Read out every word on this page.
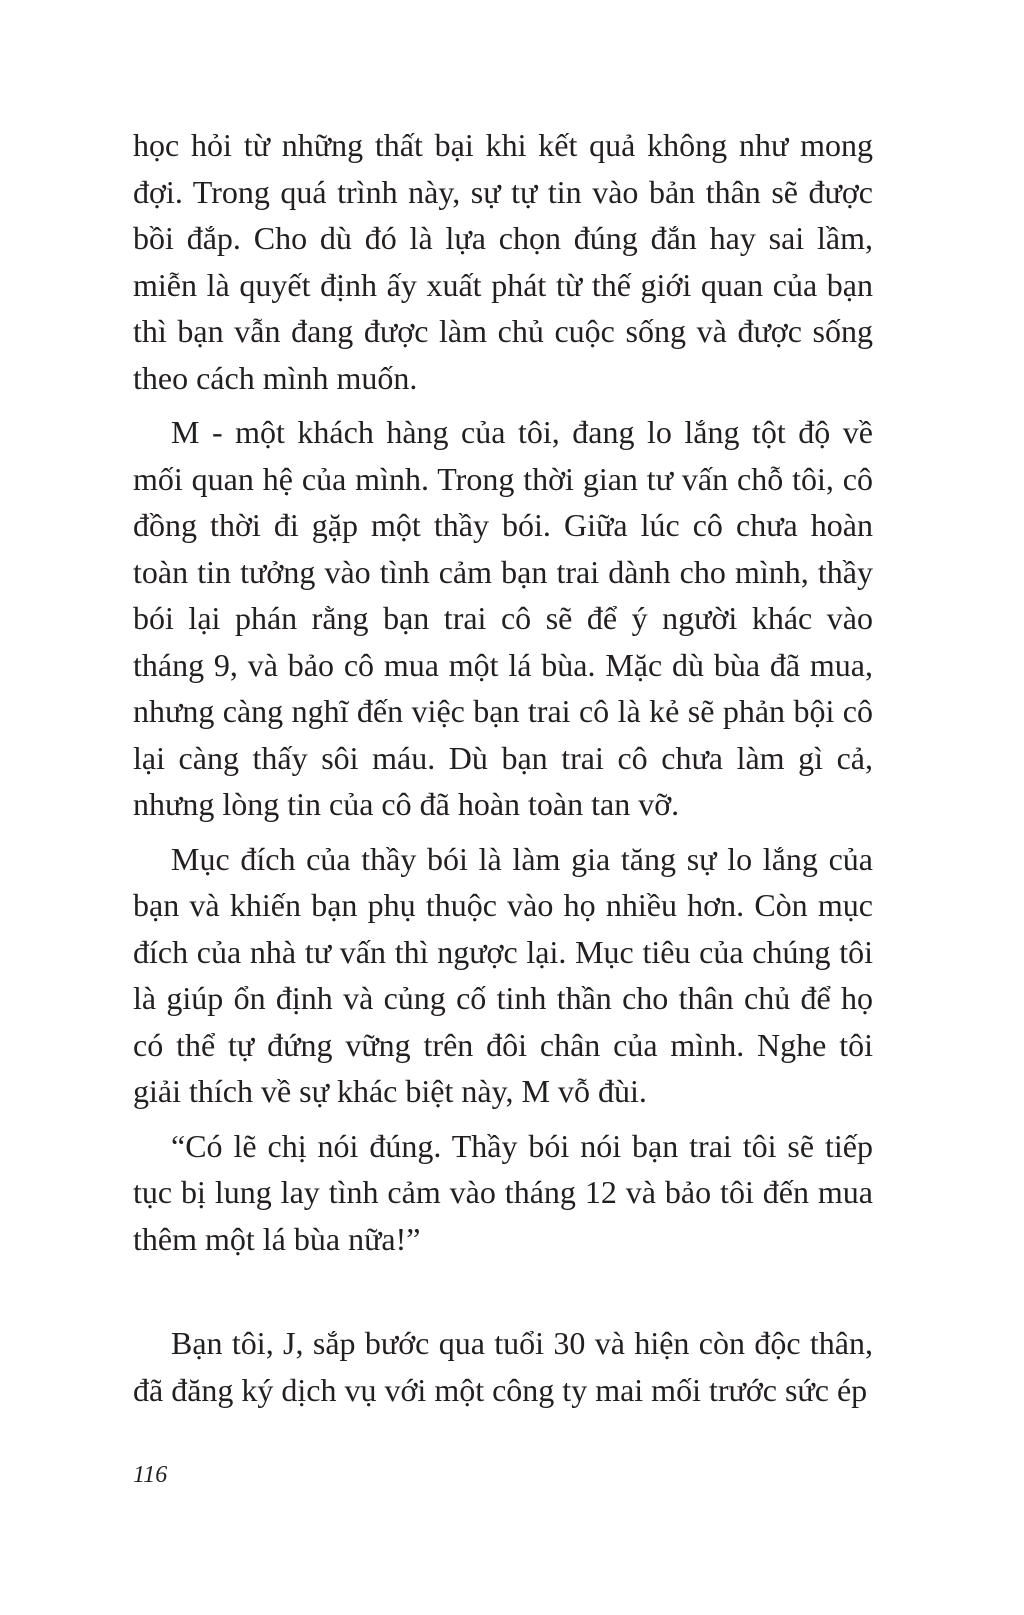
học hỏi từ những thất bại khi kết quả không như mong đợi. Trong quá trình này, sự tự tin vào bản thân sẽ được bồi đắp. Cho dù đó là lựa chọn đúng đắn hay sai lầm, miễn là quyết định ấy xuất phát từ thế giới quan của bạn thì bạn vẫn đang được làm chủ cuộc sống và được sống theo cách mình muốn.

M - một khách hàng của tôi, đang lo lắng tột độ về mối quan hệ của mình. Trong thời gian tư vấn chỗ tôi, cô đồng thời đi gặp một thầy bói. Giữa lúc cô chưa hoàn toàn tin tưởng vào tình cảm bạn trai dành cho mình, thầy bói lại phán rằng bạn trai cô sẽ để ý người khác vào tháng 9, và bảo cô mua một lá bùa. Mặc dù bùa đã mua, nhưng càng nghĩ đến việc bạn trai cô là kẻ sẽ phản bội cô lại càng thấy sôi máu. Dù bạn trai cô chưa làm gì cả, nhưng lòng tin của cô đã hoàn toàn tan vỡ.

Mục đích của thầy bói là làm gia tăng sự lo lắng của bạn và khiến bạn phụ thuộc vào họ nhiều hơn. Còn mục đích của nhà tư vấn thì ngược lại. Mục tiêu của chúng tôi là giúp ổn định và củng cố tinh thần cho thân chủ để họ có thể tự đứng vững trên đôi chân của mình. Nghe tôi giải thích về sự khác biệt này, M vỗ đùi.

“Có lẽ chị nói đúng. Thầy bói nói bạn trai tôi sẽ tiếp tục bị lung lay tình cảm vào tháng 12 và bảo tôi đến mua thêm một lá bùa nữa!”

Bạn tôi, J, sắp bước qua tuổi 30 và hiện còn độc thân, đã đăng ký dịch vụ với một công ty mai mối trước sức ép

116
